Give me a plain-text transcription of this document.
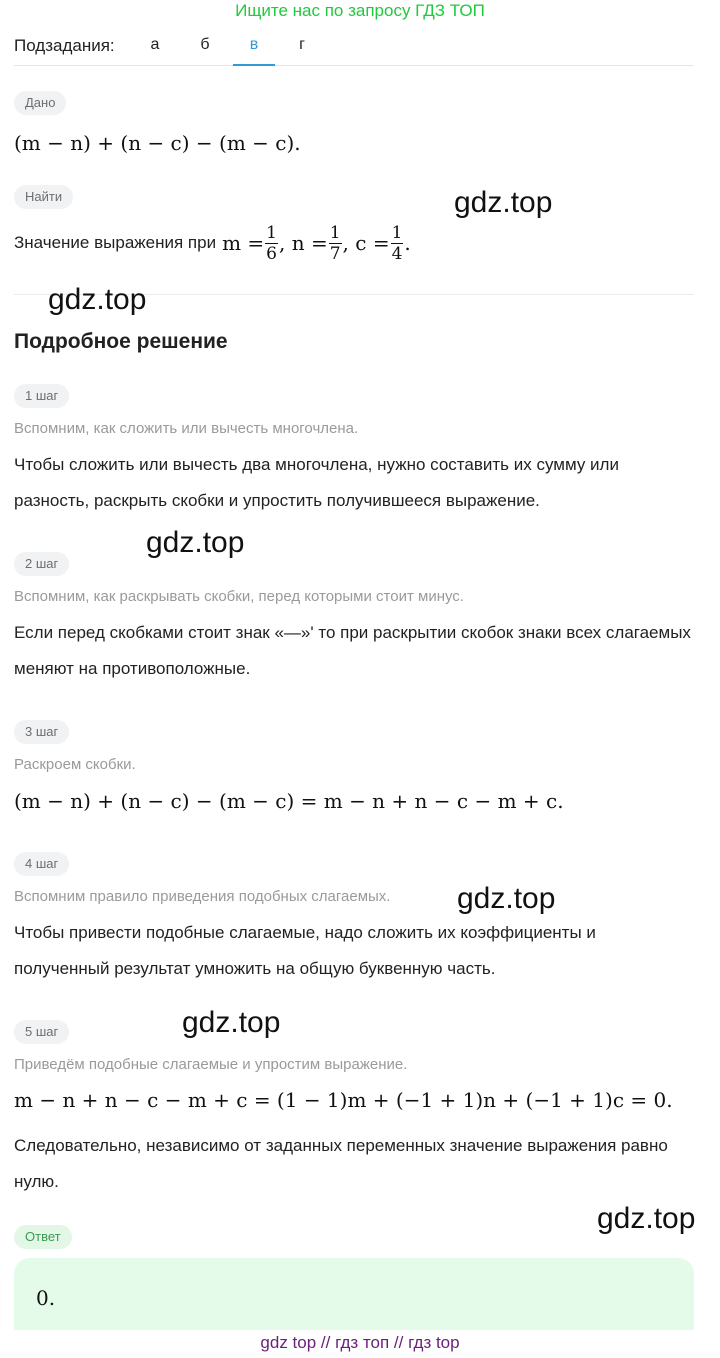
Ищите нас по запросу ГДЗ ТОП
Подзадания:	а	б	в	г
Дано
(m − n) + (n − c) − (m − c).
Найти
Значение выражения при $m = \frac{1}{6}$ , $n = \frac{1}{7}$ , $c = \frac{1}{4}$ .
Подробное решение
1 шаг
Вспомним, как сложить или вычесть многочлена.
Чтобы сложить или вычесть два многочлена, нужно составить их сумму или разность, раскрыть скобки и упростить получившееся выражение.
2 шаг
Вспомним, как раскрывать скобки, перед которыми стоит минус.
Если перед скобками стоит знак «—»' то при раскрытии скобок знаки всех слагаемых меняют на противоположные.
3 шаг
Раскроем скобки.
(m − n) + (n − c) − (m − c) = m − n + n − c − m + c.
4 шаг
Вспомним правило приведения подобных слагаемых.
Чтобы привести подобные слагаемые, надо сложить их коэффициенты и полученный результат умножить на общую буквенную часть.
5 шаг
Приведём подобные слагаемые и упростим выражение.
m − n + n − c − m + c = (1 − 1)m + (−1 + 1)n + (−1 + 1)c = 0.
Следовательно, независимо от заданных переменных значение выражения равно нулю.
Ответ
0.
gdz.top
gdz.top
gdz.top
gdz.top
gdz.top
gdz.top
gdz top // гдз топ // гдз top
